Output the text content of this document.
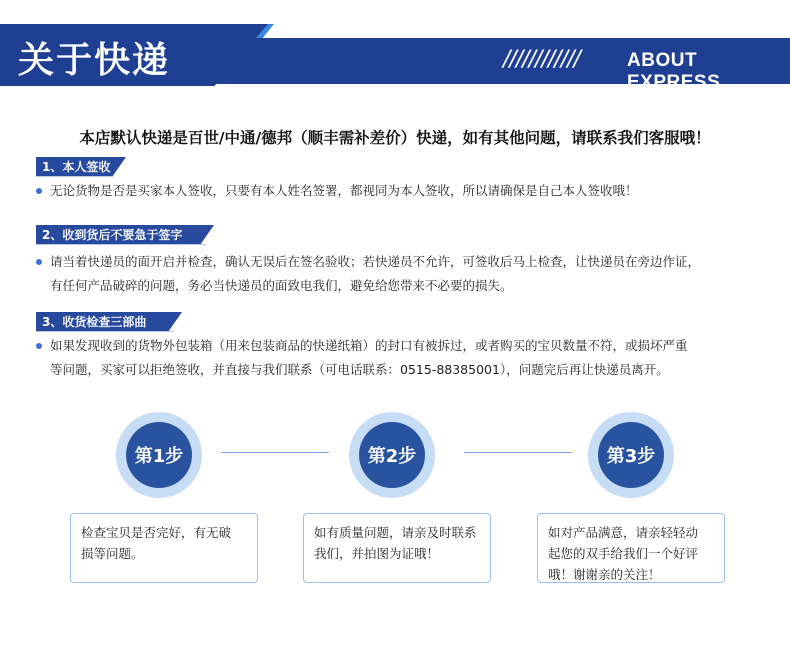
关于快递	//////////// ABOUT EXPRESS
本店默认快递是百世/中通/德邦（顺丰需补差价）快递，如有其他问题，请联系我们客服哦！
1、本人签收
无论货物是否是买家本人签收，只要有本人姓名签署，都视同为本人签收，所以请确保是自己本人签收哦！
2、收到货后不要急于签字
请当着快递员的面开启并检查，确认无误后在签名验收；若快递员不允许，可签收后马上检查，让快递员在旁边作证，
有任何产品破碎的问题，务必当快递员的面致电我们，避免给您带来不必要的损失。
3、收货检查三部曲
如果发现收到的货物外包装箱（用来包装商品的快递纸箱）的封口有被拆过，或者购买的宝贝数量不符，或损坏严重
等问题，买家可以拒绝签收，并直接与我们联系（可电话联系：0515-88385001），问题完后再让快递员离开。
第1步	第2步	第3步
检查宝贝是否完好，有无破
损等问题。
如有质量问题，请亲及时联系
我们，并拍图为证哦！
如对产品满意，请亲轻轻动
起您的双手给我们一个好评
哦！谢谢亲的关注！
